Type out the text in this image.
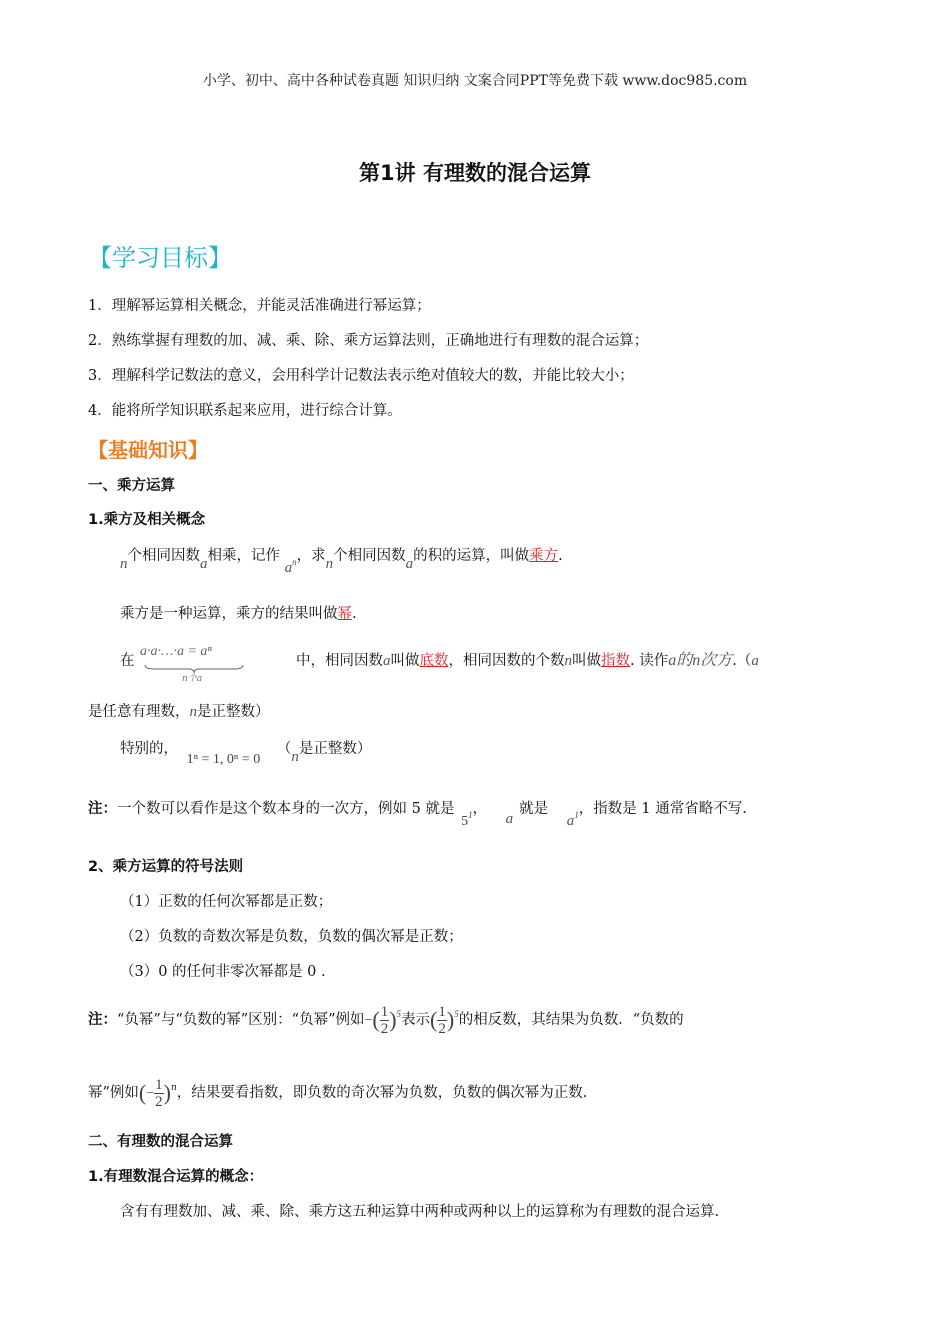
小学、初中、高中各种试卷真题 知识归纳 文案合同PPT等免费下载 www.doc985.com
第1讲 有理数的混合运算
【学习目标】
1．理解幂运算相关概念，并能灵活准确进行幂运算；
2．熟练掌握有理数的加、减、乘、除、乘方运算法则，正确地进行有理数的混合运算；
3．理解科学记数法的意义，会用科学计记数法表示绝对值较大的数，并能比较大小；
4．能将所学知识联系起来应用，进行综合计算。
【基础知识】
一、乘方运算
1.乘方及相关概念
n个相同因数a相乘，记作 $a^n$，求n个相同因数a的积的运算，叫做乘方.
乘方是一种运算，乘方的结果叫做幂.
在
a·a·…·a = aⁿ
n个a
中，相同因数a叫做底数，相同因数的个数n叫做指数. 读作a的n次方.（a
是任意有理数，n是正整数）
特别的， 1ⁿ = 1, 0ⁿ = 0 （n是正整数）
注：一个数可以看作是这个数本身的一次方，例如 5 就是 $5^1$， a就是 $a^1$，指数是 1 通常省略不写.
2、乘方运算的符号法则
（1）正数的任何次幂都是正数；
（2）负数的奇数次幂是负数，负数的偶次幂是正数；
（3）0 的任何非零次幂都是 0 .
注：“负幂”与“负数的幂”区别：“负幂”例如−( $\frac{1}{2} )^5$表示( $\frac{1}{2} )^5$的相反数，其结果为负数．“负数的
幂”例如(− $\frac{1}{2} )^n$，结果要看指数，即负数的奇次幂为负数，负数的偶次幂为正数.
二、有理数的混合运算
1.有理数混合运算的概念：
含有有理数加、减、乘、除、乘方这五种运算中两种或两种以上的运算称为有理数的混合运算.
